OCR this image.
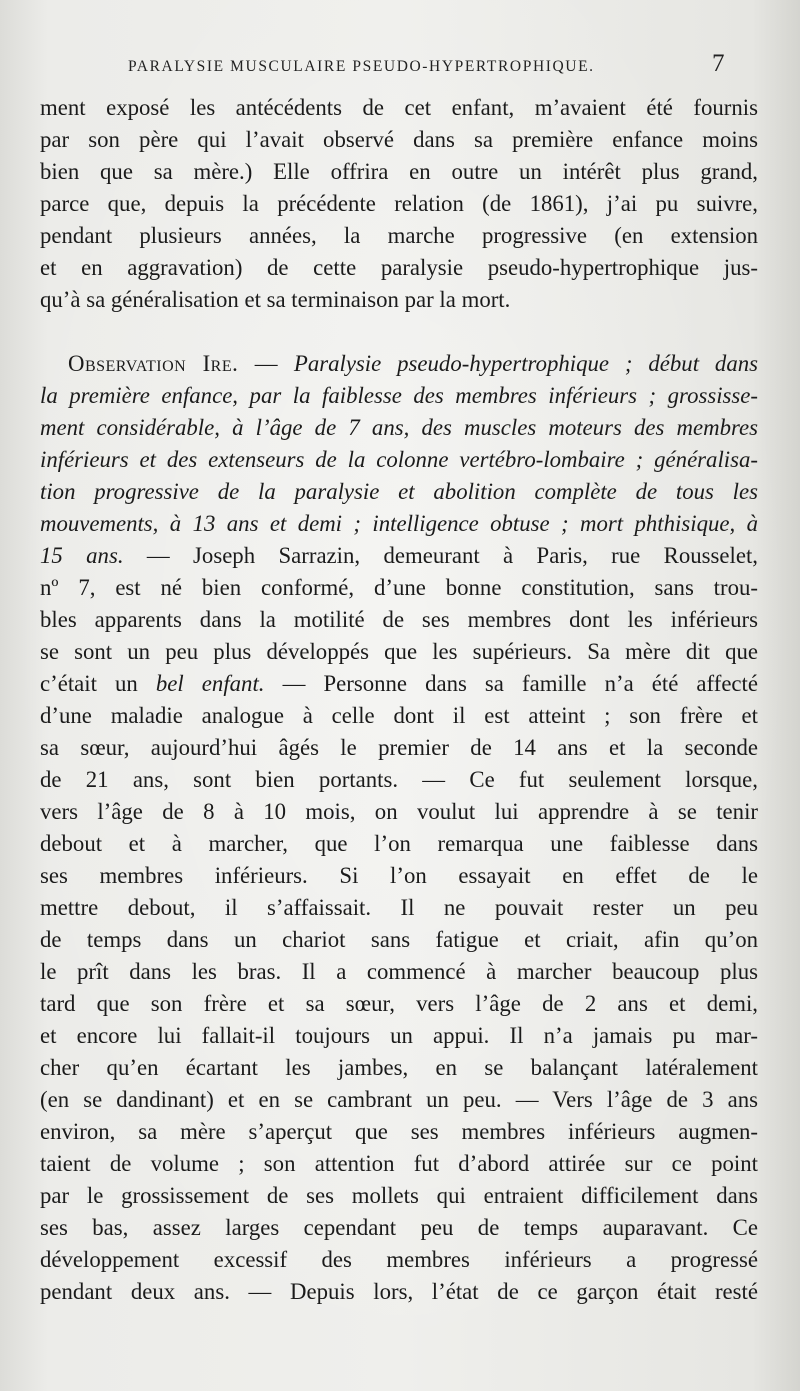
PARALYSIE MUSCULAIRE PSEUDO-HYPERTROPHIQUE.	7
ment exposé les antécédents de cet enfant, m’avaient été fournis
par son père qui l’avait observé dans sa première enfance moins
bien que sa mère.) Elle offrira en outre un intérêt plus grand,
parce que, depuis la précédente relation (de 1861), j’ai pu suivre,
pendant plusieurs années, la marche progressive (en extension
et en aggravation) de cette paralysie pseudo-hypertrophique jus-
qu’à sa généralisation et sa terminaison par la mort.
Observation Ire. — Paralysie pseudo-hypertrophique ; début dans
la première enfance, par la faiblesse des membres inférieurs ; grossisse-
ment considérable, à l’âge de 7 ans, des muscles moteurs des membres
inférieurs et des extenseurs de la colonne vertébro-lombaire ; généralisa-
tion progressive de la paralysie et abolition complète de tous les
mouvements, à 13 ans et demi ; intelligence obtuse ; mort phthisique, à
15 ans. — Joseph Sarrazin, demeurant à Paris, rue Rousselet,
nº 7, est né bien conformé, d’une bonne constitution, sans trou-
bles apparents dans la motilité de ses membres dont les inférieurs
se sont un peu plus développés que les supérieurs. Sa mère dit que
c’était un bel enfant. — Personne dans sa famille n’a été affecté
d’une maladie analogue à celle dont il est atteint ; son frère et
sa sœur, aujourd’hui âgés le premier de 14 ans et la seconde
de 21 ans, sont bien portants. — Ce fut seulement lorsque,
vers l’âge de 8 à 10 mois, on voulut lui apprendre à se tenir
debout et à marcher, que l’on remarqua une faiblesse dans
ses membres inférieurs. Si l’on essayait en effet de le
mettre debout, il s’affaissait. Il ne pouvait rester un peu
de temps dans un chariot sans fatigue et criait, afin qu’on
le prît dans les bras. Il a commencé à marcher beaucoup plus
tard que son frère et sa sœur, vers l’âge de 2 ans et demi,
et encore lui fallait-il toujours un appui. Il n’a jamais pu mar-
cher qu’en écartant les jambes, en se balançant latéralement
(en se dandinant) et en se cambrant un peu. — Vers l’âge de 3 ans
environ, sa mère s’aperçut que ses membres inférieurs augmen-
taient de volume ; son attention fut d’abord attirée sur ce point
par le grossissement de ses mollets qui entraient difficilement dans
ses bas, assez larges cependant peu de temps auparavant. Ce
développement excessif des membres inférieurs a progressé
pendant deux ans. — Depuis lors, l’état de ce garçon était resté
